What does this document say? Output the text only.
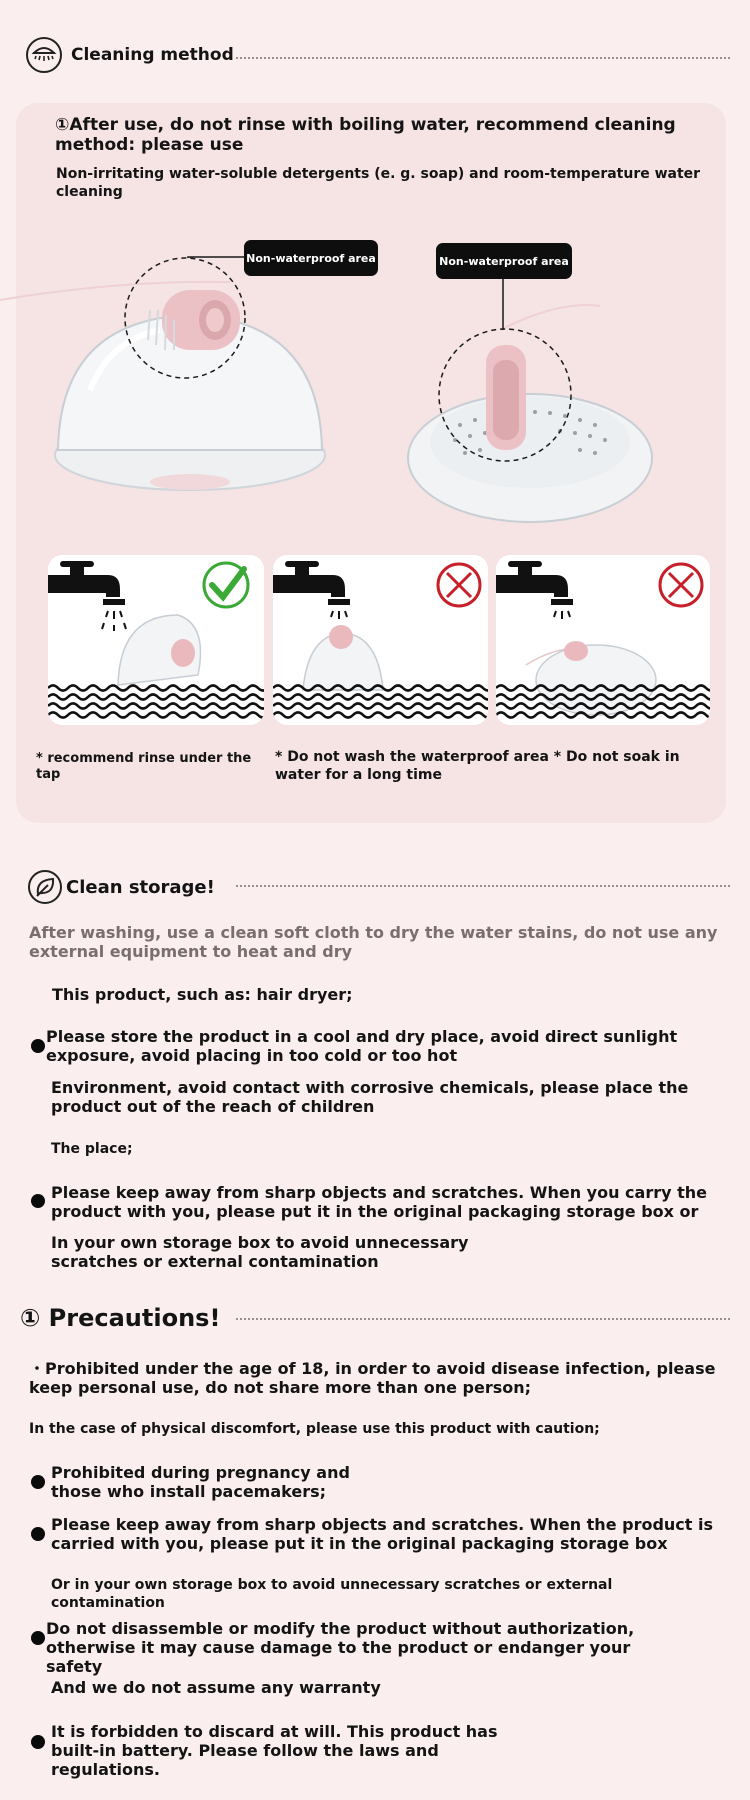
Cleaning method
①After use, do not rinse with boiling water, recommend cleaning method: please use
Non-irritating water-soluble detergents (e. g. soap) and room-temperature water cleaning
Non-waterproof area	Non-waterproof area
* recommend rinse under the tap
* Do not wash the waterproof area * Do not soak in water for a long time
Clean storage!
After washing, use a clean soft cloth to dry the water stains, do not use any external equipment to heat and dry
This product, such as: hair dryer;
Please store the product in a cool and dry place, avoid direct sunlight exposure, avoid placing in too cold or too hot
Environment, avoid contact with corrosive chemicals, please place the product out of the reach of children
The place;
Please keep away from sharp objects and scratches. When you carry the product with you, please put it in the original packaging storage box or
In your own storage box to avoid unnecessary scratches or external contamination
① Precautions!
・Prohibited under the age of 18, in order to avoid disease infection, please keep personal use, do not share more than one person;
In the case of physical discomfort, please use this product with caution;
Prohibited during pregnancy and those who install pacemakers;
Please keep away from sharp objects and scratches. When the product is carried with you, please put it in the original packaging storage box
Or in your own storage box to avoid unnecessary scratches or external contamination
Do not disassemble or modify the product without authorization, otherwise it may cause damage to the product or endanger your safety
And we do not assume any warranty
It is forbidden to discard at will. This product has built-in battery. Please follow the laws and regulations.
